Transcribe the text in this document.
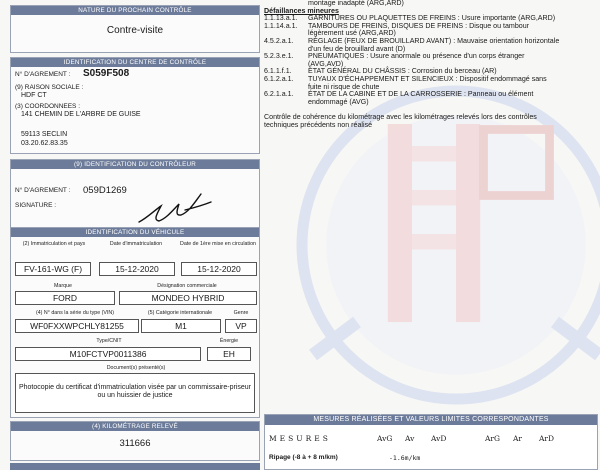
NATURE DU PROCHAIN CONTRÔLE
Contre-visite
IDENTIFICATION DU CENTRE DE CONTRÔLE
N° D'AGREMENT : S059F508
(9) RAISON SOCIALE :
HDF CT
(3) COORDONNEES :
141 CHEMIN DE L'ARBRE DE GUISE
59113 SECLIN
03.20.62.83.35
(9) IDENTIFICATION DU CONTRÔLEUR
N° D'AGREMENT : 059D1269
SIGNATURE :
IDENTIFICATION DU VÉHICULE
(2) Immatriculation et pays	Date d'immatriculation	Date de 1ère mise en circulation
FV-161-WG (F)	15-12-2020	15-12-2020
Marque	Désignation commerciale
FORD	MONDEO HYBRID
(4) N° dans la série du type (VIN)	(5) Catégorie internationale	Genre
WF0FXXWPCHLY81255	M1	VP
Type/CNIT	Énergie
M10FCTVP0011386	EH
Document(s) présenté(s)
Photocopie du certificat d'immatriculation visée par un commissaire-priseur ou un huissier de justice
(4) KILOMÉTRAGE RELEVÉ
311666
montage inadapté (ARG,ARD)
Défaillances mineures
1.1.13.a.1. GARNITURES OU PLAQUETTES DE FREINS : Usure importante (ARG,ARD)
1.1.14.a.1. TAMBOURS DE FREINS, DISQUES DE FREINS : Disque ou tambour
légèrement usé (ARG,ARD)
4.5.2.a.1. RÉGLAGE (FEUX DE BROUILLARD AVANT) : Mauvaise orientation horizontale
d'un feu de brouillard avant (D)
5.2.3.e.1. PNEUMATIQUES : Usure anormale ou présence d'un corps étranger
(AVG,AVD)
6.1.1.f.1. ÉTAT GÉNÉRAL DU CHÂSSIS : Corrosion du berceau (AR)
6.1.2.a.1. TUYAUX D'ÉCHAPPEMENT ET SILENCIEUX : Dispositif endommagé sans
fuite ni risque de chute
6.2.1.a.1. ÉTAT DE LA CABINE ET DE LA CARROSSERIE : Panneau ou élément
endommagé (AVG)
Contrôle de cohérence du kilométrage avec les kilométrages relevés lors des contrôles
techniques précédents non réalisé
MESURES RÉALISÉES ET VALEURS LIMITES CORRESPONDANTES
MESURES	AvG Av AvD	ArG Ar ArD
Ripage (-8 à + 8 m/km)	-1.6m/km
